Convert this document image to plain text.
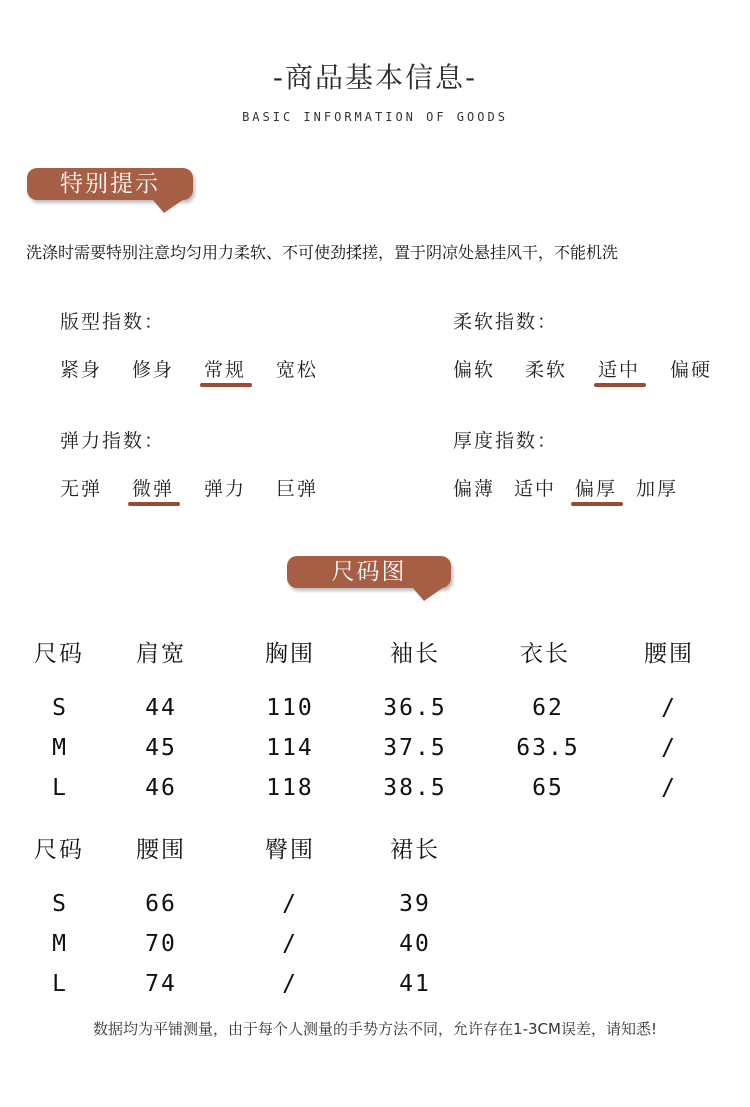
-商品基本信息-
BASIC INFORMATION OF GOODS
特别提示
洗涤时需要特别注意均匀用力柔软、不可使劲揉搓，置于阴凉处悬挂风干，不能机洗
版型指数：
紧身 修身 常规 宽松
柔软指数：
偏软 柔软 适中 偏硬
弹力指数：
无弹 微弹 弹力 巨弹
厚度指数：
偏薄 适中 偏厚 加厚
尺码图
尺码	肩宽	胸围	袖长	衣长	腰围
S	44	110	36.5	62	/
M	45	114	37.5	63.5	/
L	46	118	38.5	65	/
尺码	腰围	臀围	裙长
S	66	/	39
M	70	/	40
L	74	/	41
数据均为平铺测量，由于每个人测量的手势方法不同，允许存在1-3CM误差，请知悉!
